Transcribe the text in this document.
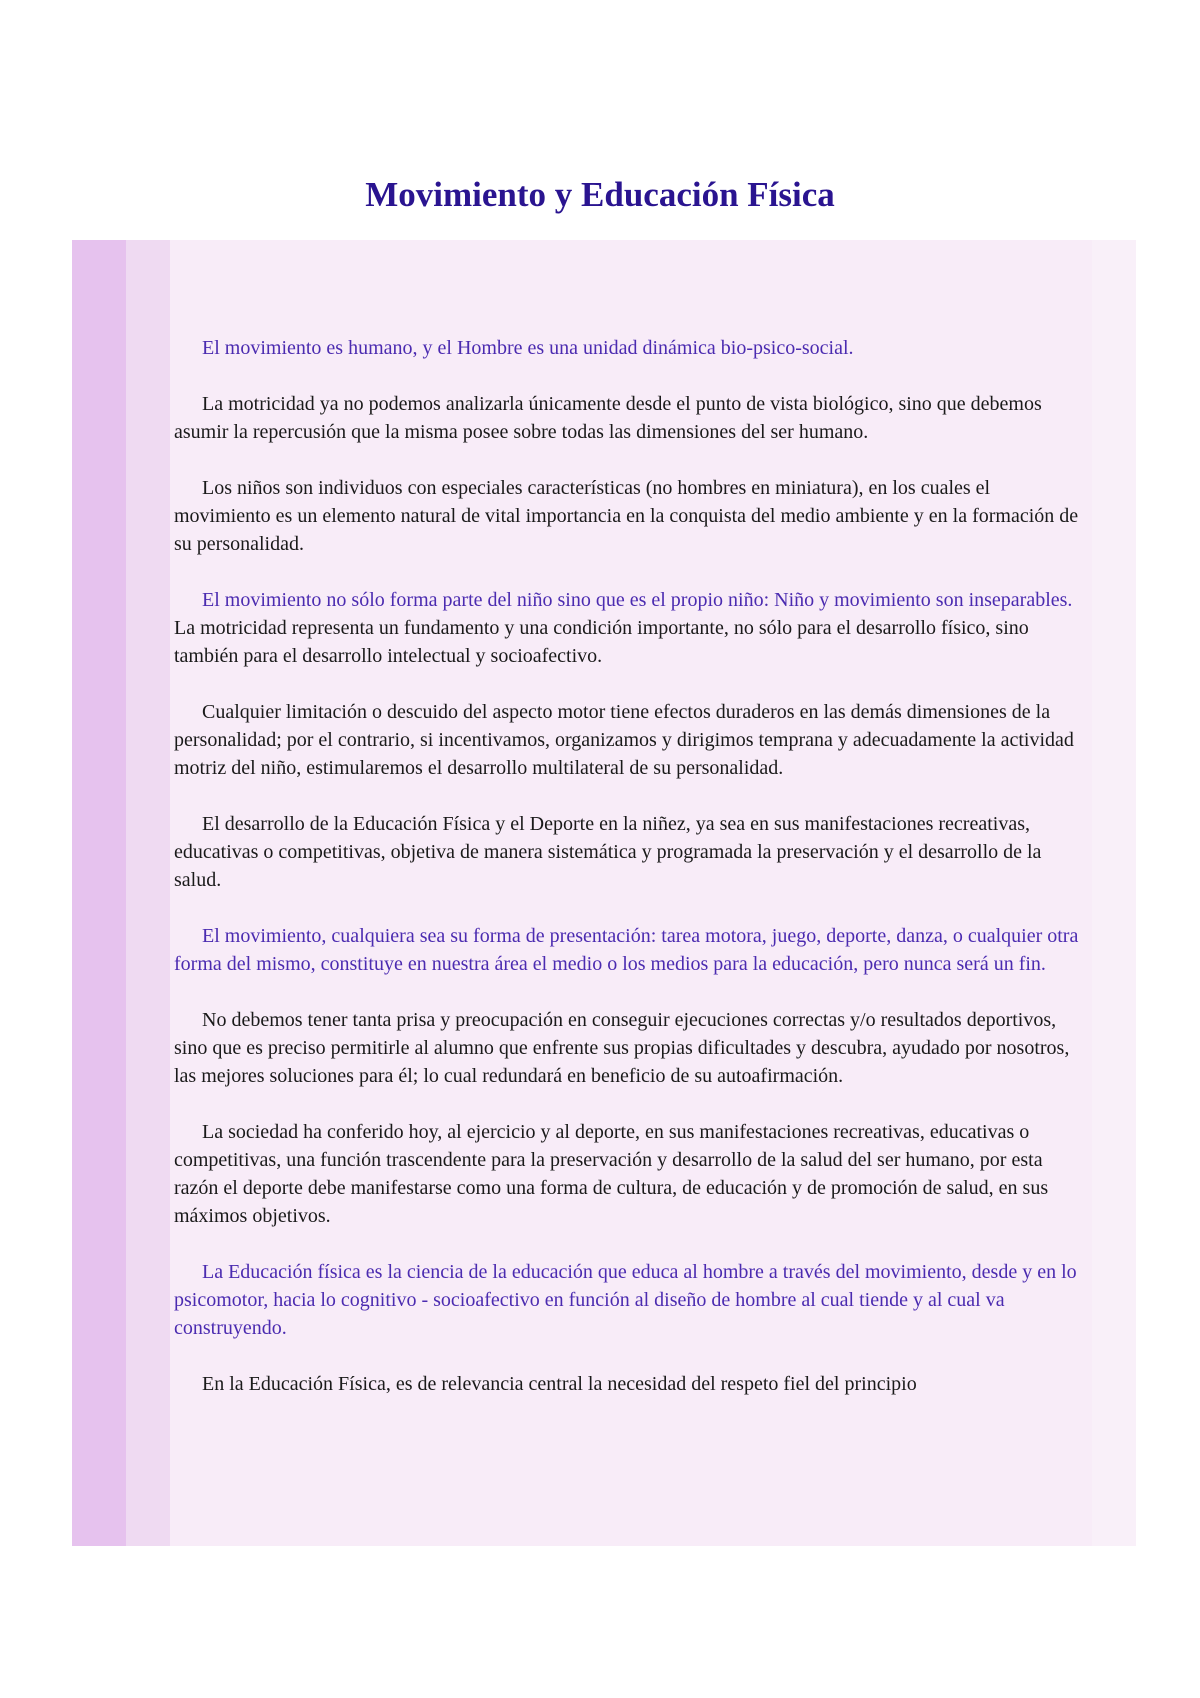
Movimiento y Educación Física

El movimiento es humano, y el Hombre es una unidad dinámica bio-psico-social.

La motricidad ya no podemos analizarla únicamente desde el punto de vista biológico, sino que debemos asumir la repercusión que la misma posee sobre todas las dimensiones del ser humano.

Los niños son individuos con especiales características (no hombres en miniatura), en los cuales el movimiento es un elemento natural de vital importancia en la conquista del medio ambiente y en la formación de su personalidad.

El movimiento no sólo forma parte del niño sino que es el propio niño: Niño y movimiento son inseparables. La motricidad representa un fundamento y una condición importante, no sólo para el desarrollo físico, sino también para el desarrollo intelectual y socioafectivo.

Cualquier limitación o descuido del aspecto motor tiene efectos duraderos en las demás dimensiones de la personalidad; por el contrario, si incentivamos, organizamos y dirigimos temprana y adecuadamente la actividad motriz del niño, estimularemos el desarrollo multilateral de su personalidad.

El desarrollo de la Educación Física y el Deporte en la niñez, ya sea en sus manifestaciones recreativas, educativas o competitivas, objetiva de manera sistemática y programada la preservación y el desarrollo de la salud.

El movimiento, cualquiera sea su forma de presentación: tarea motora, juego, deporte, danza, o cualquier otra forma del mismo, constituye en nuestra área el medio o los medios para la educación, pero nunca será un fin.

No debemos tener tanta prisa y preocupación en conseguir ejecuciones correctas y/o resultados deportivos, sino que es preciso permitirle al alumno que enfrente sus propias dificultades y descubra, ayudado por nosotros, las mejores soluciones para él; lo cual redundará en beneficio de su autoafirmación.

La sociedad ha conferido hoy, al ejercicio y al deporte, en sus manifestaciones recreativas, educativas o competitivas, una función trascendente para la preservación y desarrollo de la salud del ser humano, por esta razón el deporte debe manifestarse como una forma de cultura, de educación y de promoción de salud, en sus máximos objetivos.

La Educación física es la ciencia de la educación que educa al hombre a través del movimiento, desde y en lo psicomotor, hacia lo cognitivo - socioafectivo en función al diseño de hombre al cual tiende y al cual va construyendo.

En la Educación Física, es de relevancia central la necesidad del respeto fiel del principio
